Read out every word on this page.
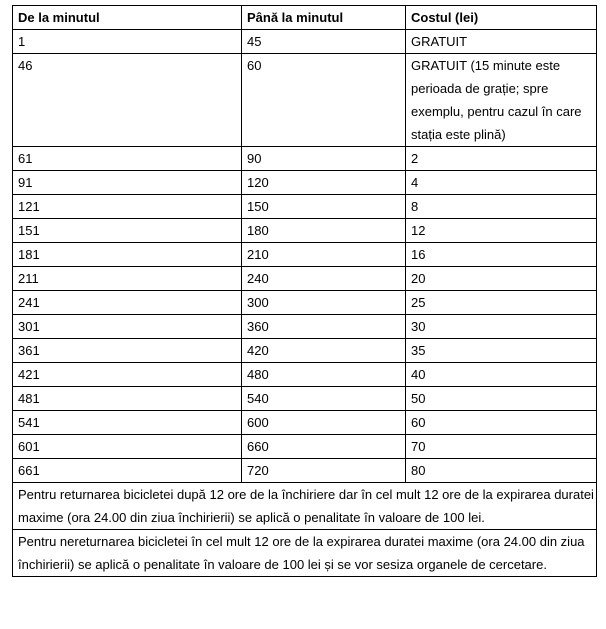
De la minutul	Până la minutul	Costul (lei)
1	45	GRATUIT
46	60	GRATUIT (15 minute este perioada de grație; spre exemplu, pentru cazul în care stația este plină)
61	90	2
91	120	4
121	150	8
151	180	12
181	210	16
211	240	20
241	300	25
301	360	30
361	420	35
421	480	40
481	540	50
541	600	60
601	660	70
661	720	80
Pentru returnarea bicicletei după 12 ore de la închiriere dar în cel mult 12 ore de la expirarea duratei maxime (ora 24.00 din ziua închirierii) se aplică o penalitate în valoare de 100 lei.		
Pentru nereturnarea bicicletei în cel mult 12 ore de la expirarea duratei maxime (ora 24.00 din ziua închirierii) se aplică o penalitate în valoare de 100 lei și se vor sesiza organele de cercetare.		
